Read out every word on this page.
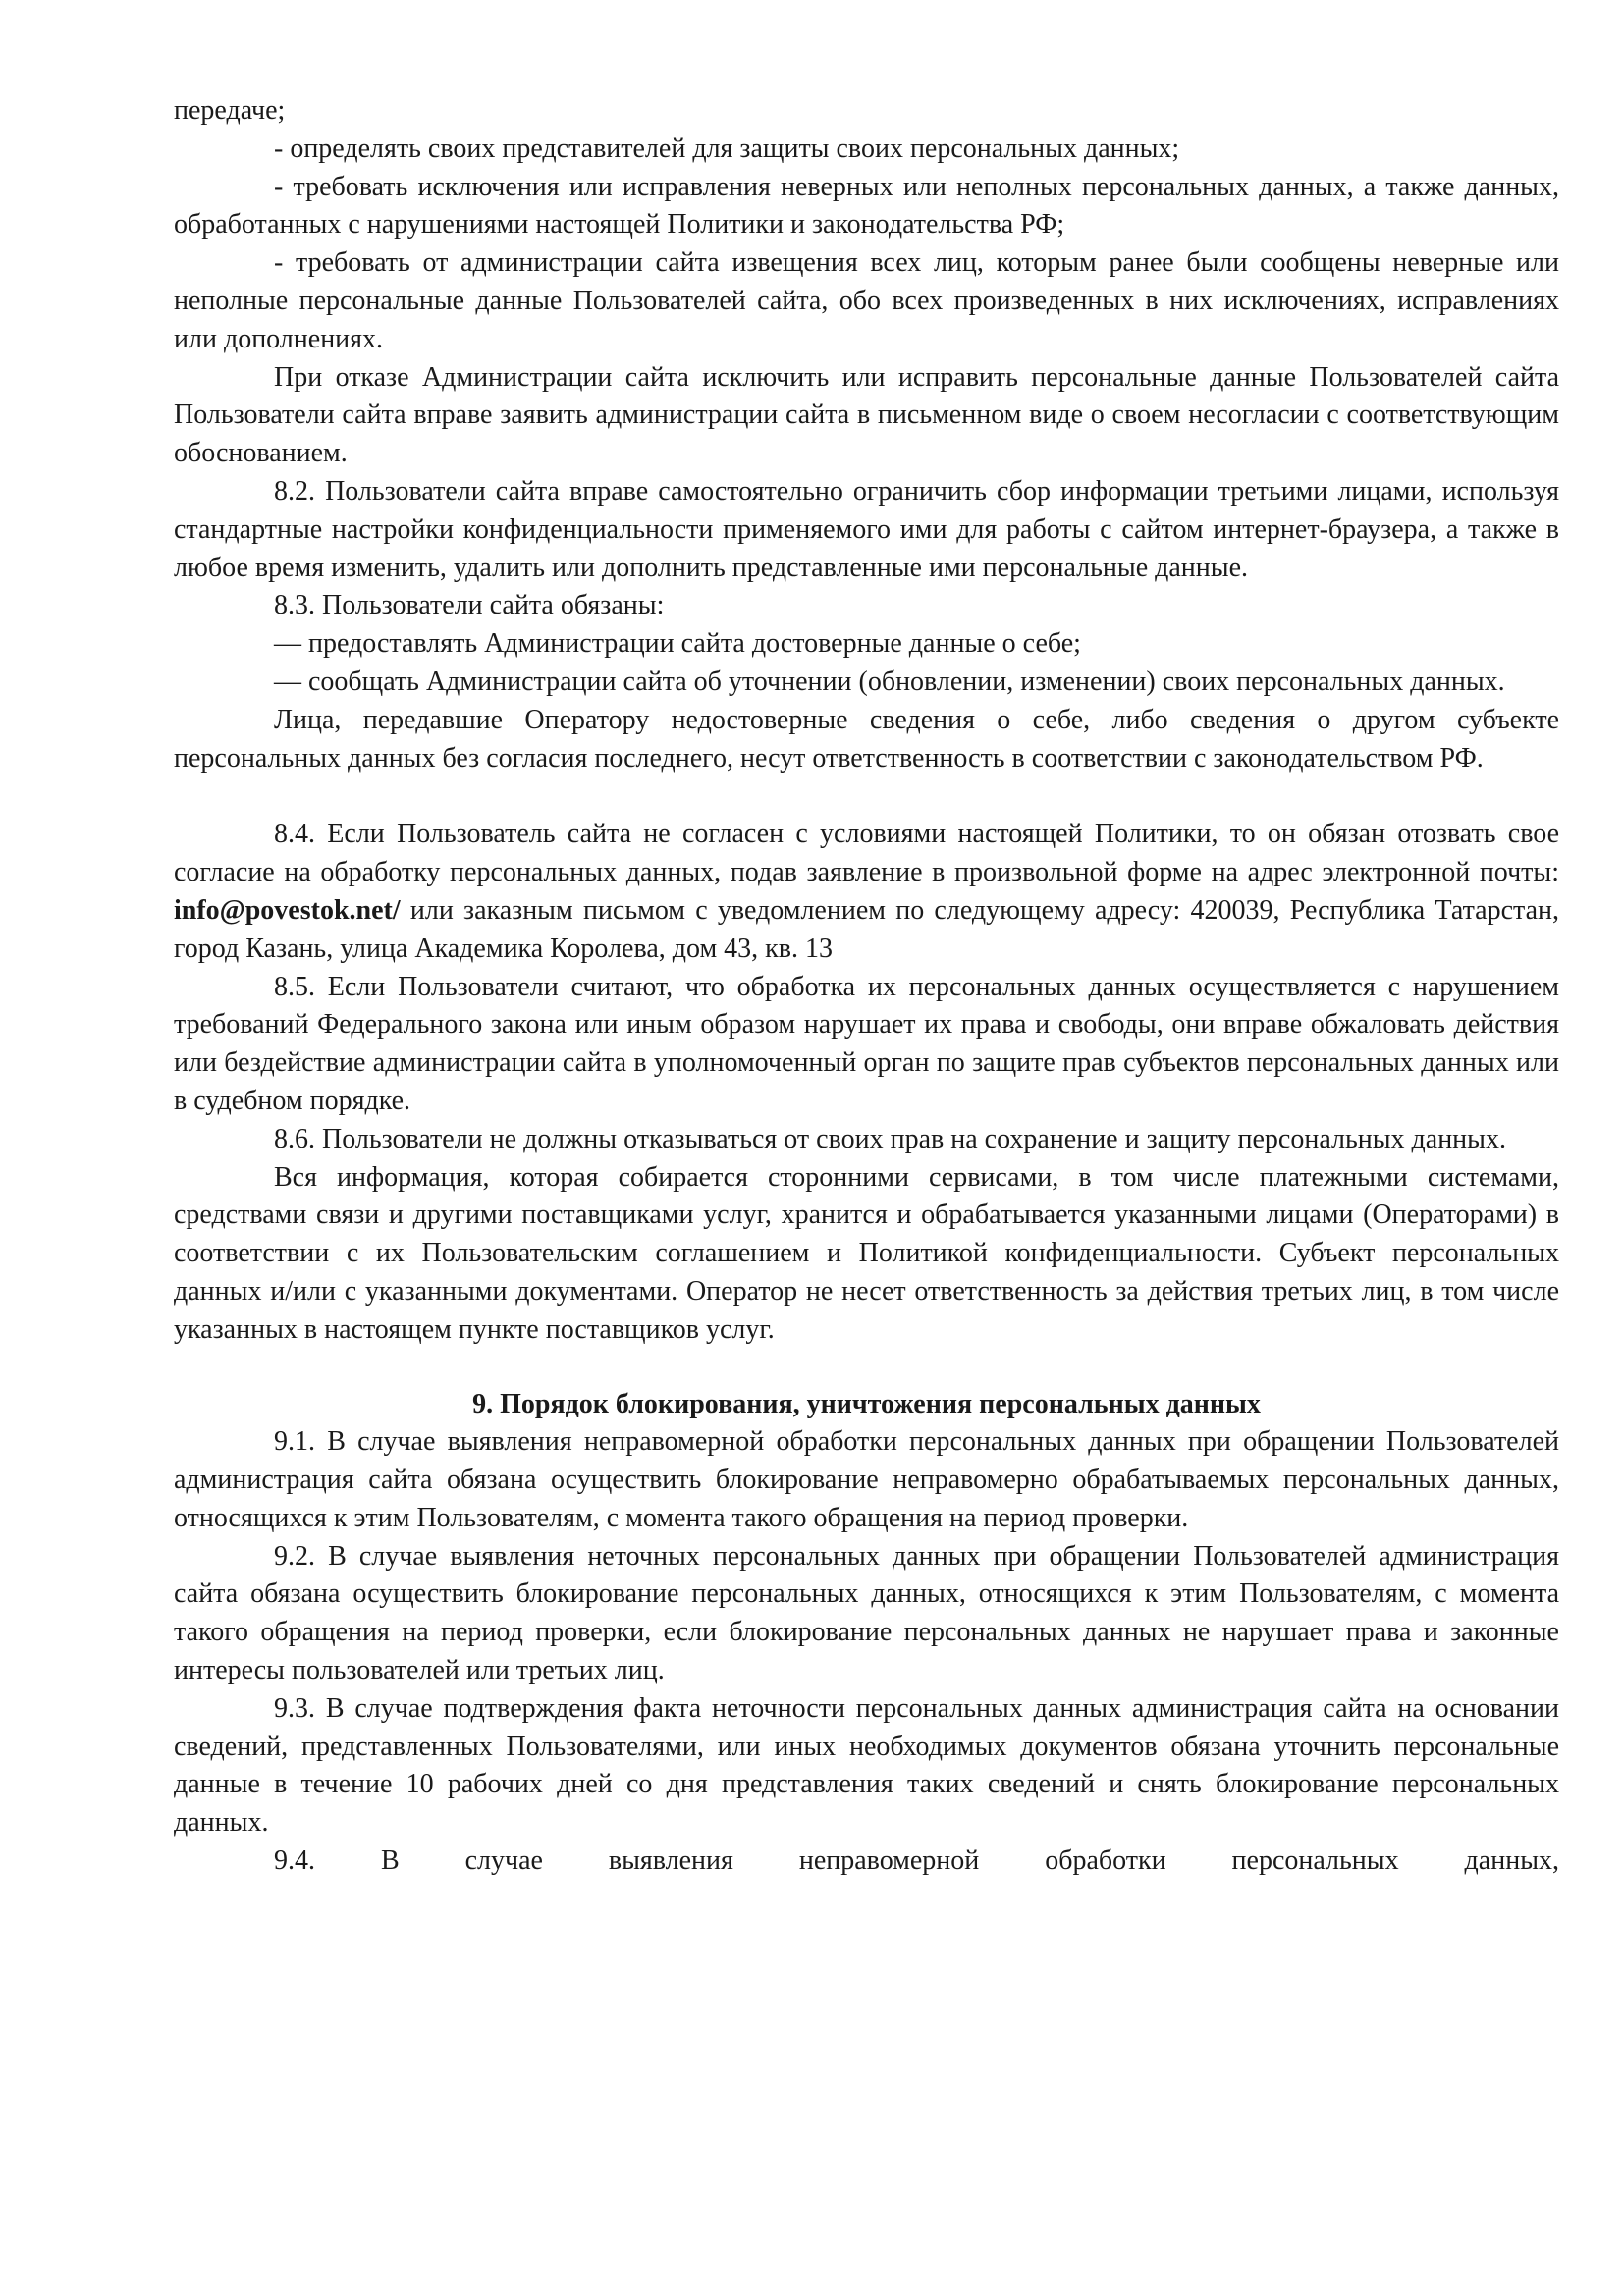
передаче;

- определять своих представителей для защиты своих персональных данных;

- требовать исключения или исправления неверных или неполных персональных данных, а также данных, обработанных с нарушениями настоящей Политики и законодательства РФ;

- требовать от администрации сайта извещения всех лиц, которым ранее были сообщены неверные или неполные персональные данные Пользователей сайта, обо всех произведенных в них исключениях, исправлениях или дополнениях.

При отказе Администрации сайта исключить или исправить персональные данные Пользователей сайта Пользователи сайта вправе заявить администрации сайта в письменном виде о своем несогласии с соответствующим обоснованием.

8.2. Пользователи сайта вправе самостоятельно ограничить сбор информации третьими лицами, используя стандартные настройки конфиденциальности применяемого ими для работы с сайтом интернет-браузера, а также в любое время изменить, удалить или дополнить представленные ими персональные данные.

8.3. Пользователи сайта обязаны:

— предоставлять Администрации сайта достоверные данные о себе;

— сообщать Администрации сайта об уточнении (обновлении, изменении) своих персональных данных.

Лица, передавшие Оператору недостоверные сведения о себе, либо сведения о другом субъекте персональных данных без согласия последнего, несут ответственность в соответствии с законодательством РФ.

8.4. Если Пользователь сайта не согласен с условиями настоящей Политики, то он обязан отозвать свое согласие на обработку персональных данных, подав заявление в произвольной форме на адрес электронной почты: info@povestok.net/ или заказным письмом с уведомлением по следующему адресу: 420039, Республика Татарстан, город Казань, улица Академика Королева, дом 43, кв. 13

8.5. Если Пользователи считают, что обработка их персональных данных осуществляется с нарушением требований Федерального закона или иным образом нарушает их права и свободы, они вправе обжаловать действия или бездействие администрации сайта в уполномоченный орган по защите прав субъектов персональных данных или в судебном порядке.

8.6. Пользователи не должны отказываться от своих прав на сохранение и защиту персональных данных.

Вся информация, которая собирается сторонними сервисами, в том числе платежными системами, средствами связи и другими поставщиками услуг, хранится и обрабатывается указанными лицами (Операторами) в соответствии с их Пользовательским соглашением и Политикой конфиденциальности. Субъект персональных данных и/или с указанными документами. Оператор не несет ответственность за действия третьих лиц, в том числе указанных в настоящем пункте поставщиков услуг.

9. Порядок блокирования, уничтожения персональных данных

9.1. В случае выявления неправомерной обработки персональных данных при обращении Пользователей администрация сайта обязана осуществить блокирование неправомерно обрабатываемых персональных данных, относящихся к этим Пользователям, с момента такого обращения на период проверки.

9.2. В случае выявления неточных персональных данных при обращении Пользователей администрация сайта обязана осуществить блокирование персональных данных, относящихся к этим Пользователям, с момента такого обращения на период проверки, если блокирование персональных данных не нарушает права и законные интересы пользователей или третьих лиц.

9.3. В случае подтверждения факта неточности персональных данных администрация сайта на основании сведений, представленных Пользователями, или иных необходимых документов обязана уточнить персональные данные в течение 10 рабочих дней со дня представления таких сведений и снять блокирование персональных данных.

9.4. В случае выявления неправомерной обработки персональных данных,
